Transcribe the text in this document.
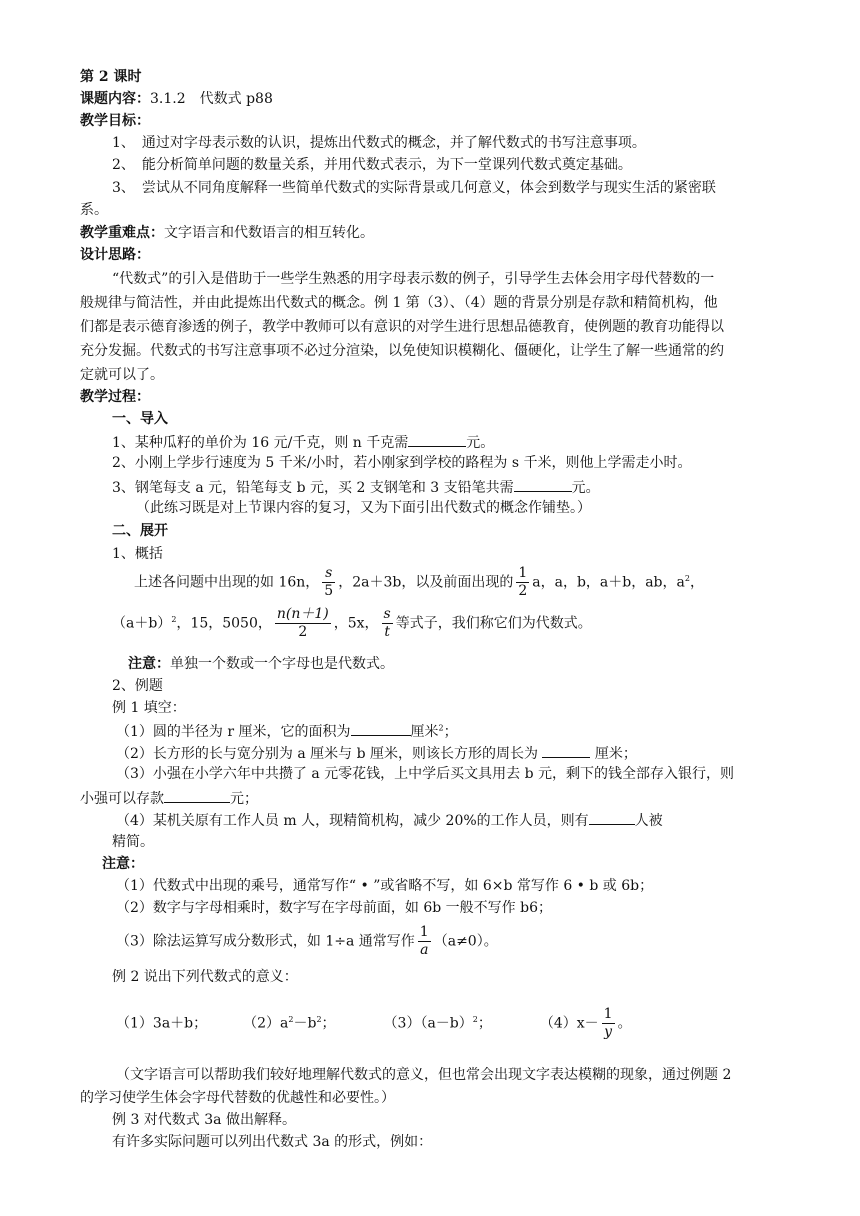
第 2 课时
课题内容：3.1.2　代数式 p88
教学目标：
1、　通过对字母表示数的认识，提炼出代数式的概念，并了解代数式的书写注意事项。
2、　能分析简单问题的数量关系，并用代数式表示，为下一堂课列代数式奠定基础。
3、　尝试从不同角度解释一些简单代数式的实际背景或几何意义，体会到数学与现实生活的紧密联
系。
教学重难点：文字语言和代数语言的相互转化。
设计思路：
“代数式”的引入是借助于一些学生熟悉的用字母表示数的例子，引导学生去体会用字母代替数的一
般规律与简洁性，并由此提炼出代数式的概念。例 1 第（3）、（4）题的背景分别是存款和精简机构，他
们都是表示德育渗透的例子，教学中教师可以有意识的对学生进行思想品德教育，使例题的教育功能得以
充分发掘。代数式的书写注意事项不必过分渲染，以免使知识模糊化、僵硬化，让学生了解一些通常的约
定就可以了。
教学过程：
一、导入
1、某种瓜籽的单价为 16 元/千克，则 n 千克需	元。
2、小刚上学步行速度为 5 千米/小时，若小刚家到学校的路程为 s 千米，则他上学需走小时。
3、钢笔每支 a 元，铅笔每支 b 元，买 2 支钢笔和 3 支铅笔共需	元。
（此练习既是对上节课内容的复习，又为下面引出代数式的概念作铺垫。）
二、展开
1、概括
上述各问题中出现的如 16n， $\frac{s}{5}$ ，2a＋3b，以及前面出现的 $\frac{1}{2}$ a，a，b，a＋b，ab，$a^2$，
$(a+b)^2$，15，5050， $\frac{n(n+1)}{2}$ ，5x， $\frac{s}{t}$ 等式子，我们称它们为代数式。
注意：单独一个数或一个字母也是代数式。
2、例题
例 1 填空：
（1）圆的半径为 r 厘米，它的面积为	厘米$^2$；
（2）长方形的长与宽分别为 a 厘米与 b 厘米，则该长方形的周长为	厘米；
（3）小强在小学六年中共攒了 a 元零花钱，上中学后买文具用去 b 元，剩下的钱全部存入银行，则
小强可以存款	元；
（4）某机关原有工作人员 m 人，现精简机构，减少 20%的工作人员，则有	人被
精简。
注意：
（1）代数式中出现的乘号，通常写作“ • ”或省略不写，如 6×b 常写作 6 • b 或 6b；
（2）数字与字母相乘时，数字写在字母前面，如 6b 一般不写作 b6；
（3）除法运算写成分数形式，如 1÷a 通常写作 $\frac{1}{a} (a\ne 0)$。
例 2 说出下列代数式的意义：
（1）3a＋b；	$(2)a^2-b^2$；	$(3)(a-b)^2$；	$(4)x- \frac{1}{y}$ 。
（文字语言可以帮助我们较好地理解代数式的意义，但也常会出现文字表达模糊的现象，通过例题 2
的学习使学生体会字母代替数的优越性和必要性。）
例 3 对代数式 3a 做出解释。
有许多实际问题可以列出代数式 3a 的形式，例如：
